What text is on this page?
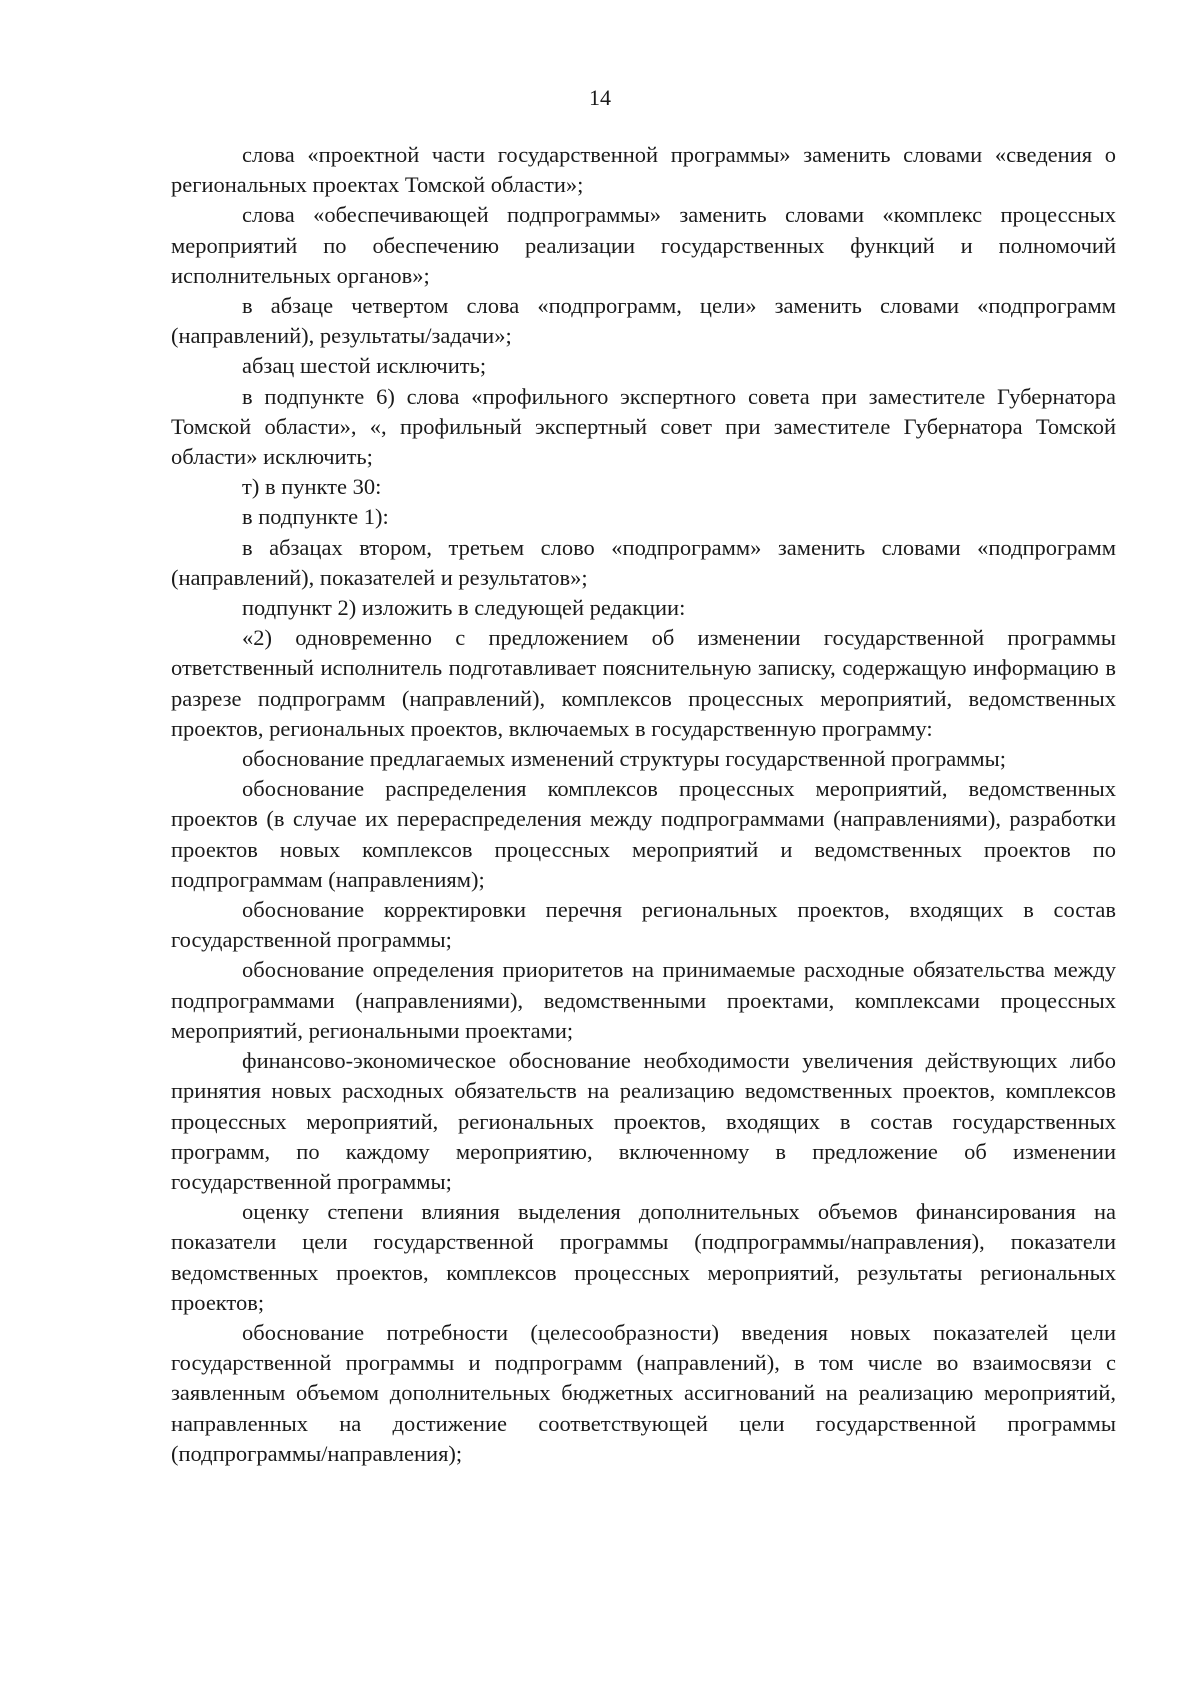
14

слова «проектной части государственной программы» заменить словами «сведения о региональных проектах Томской области»;

слова «обеспечивающей подпрограммы» заменить словами «комплекс процессных мероприятий по обеспечению реализации государственных функций и полномочий исполнительных органов»;

в абзаце четвертом слова «подпрограмм, цели» заменить словами «подпрограмм (направлений), результаты/задачи»;

абзац шестой исключить;

в подпункте 6) слова «профильного экспертного совета при заместителе Губернатора Томской области», «, профильный экспертный совет при заместителе Губернатора Томской области» исключить;

т) в пункте 30:

в подпункте 1):

в абзацах втором, третьем слово «подпрограмм» заменить словами «подпрограмм (направлений), показателей и результатов»;

подпункт 2) изложить в следующей редакции:

«2) одновременно с предложением об изменении государственной программы ответственный исполнитель подготавливает пояснительную записку, содержащую информацию в разрезе подпрограмм (направлений), комплексов процессных мероприятий, ведомственных проектов, региональных проектов, включаемых в государственную программу:

обоснование предлагаемых изменений структуры государственной программы;

обоснование распределения комплексов процессных мероприятий, ведомственных проектов (в случае их перераспределения между подпрограммами (направлениями), разработки проектов новых комплексов процессных мероприятий и ведомственных проектов по подпрограммам (направлениям);

обоснование корректировки перечня региональных проектов, входящих в состав государственной программы;

обоснование определения приоритетов на принимаемые расходные обязательства между подпрограммами (направлениями), ведомственными проектами, комплексами процессных мероприятий, региональными проектами;

финансово-экономическое обоснование необходимости увеличения действующих либо принятия новых расходных обязательств на реализацию ведомственных проектов, комплексов процессных мероприятий, региональных проектов, входящих в состав государственных программ, по каждому мероприятию, включенному в предложение об изменении государственной программы;

оценку степени влияния выделения дополнительных объемов финансирования на показатели цели государственной программы (подпрограммы/направления), показатели ведомственных проектов, комплексов процессных мероприятий, результаты региональных проектов;

обоснование потребности (целесообразности) введения новых показателей цели государственной программы и подпрограмм (направлений), в том числе во взаимосвязи с заявленным объемом дополнительных бюджетных ассигнований на реализацию мероприятий, направленных на достижение соответствующей цели государственной программы (подпрограммы/направления);
